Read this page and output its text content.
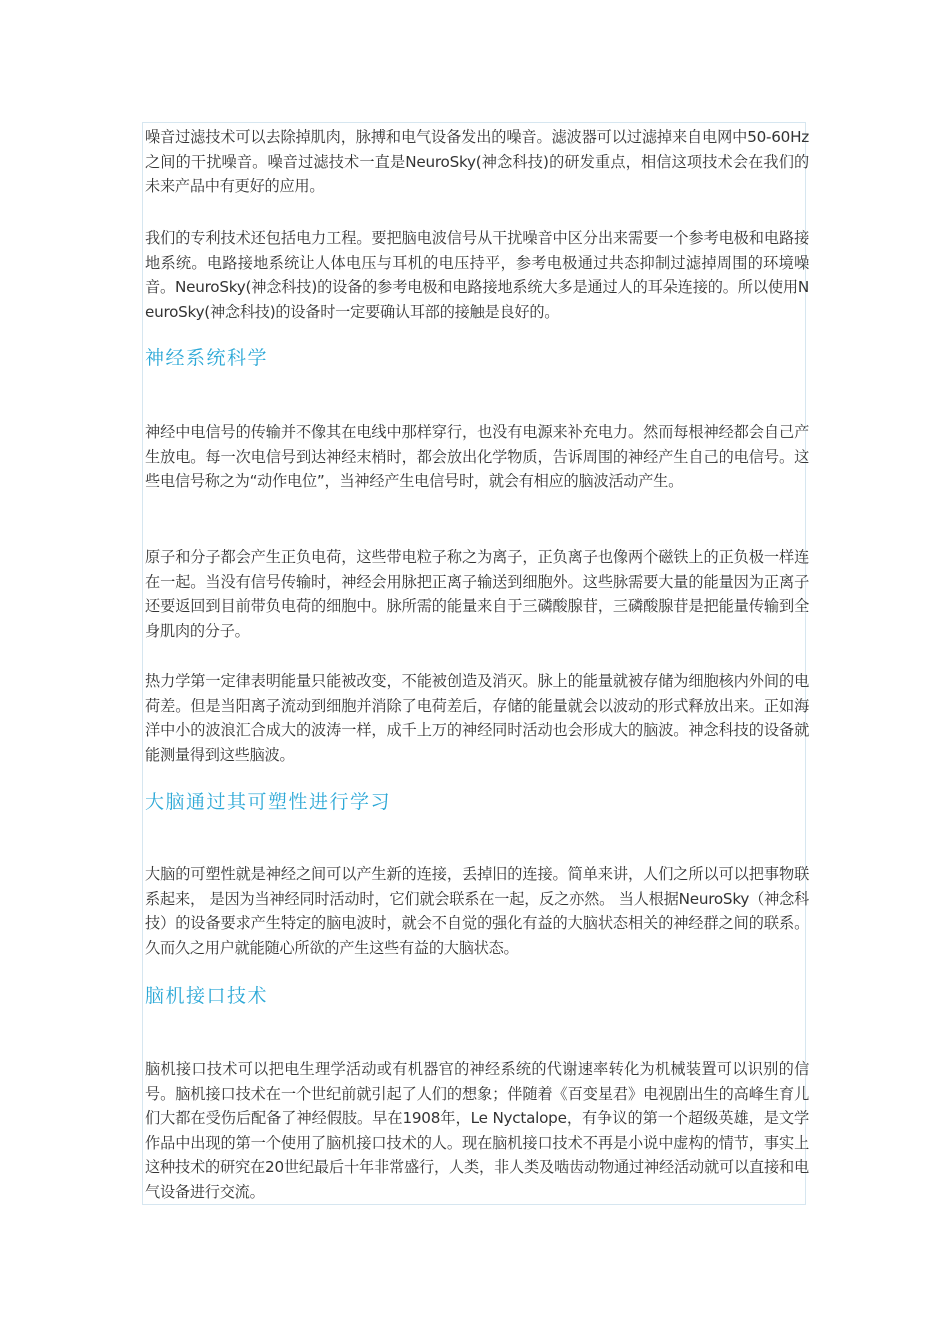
噪音过滤技术可以去除掉肌肉，脉搏和电气设备发出的噪音。滤波器可以过滤掉来自电网中50-60Hz之间的干扰噪音。噪音过滤技术一直是NeuroSky(神念科技)的研发重点，相信这项技术会在我们的未来产品中有更好的应用。

我们的专利技术还包括电力工程。要把脑电波信号从干扰噪音中区分出来需要一个参考电极和电路接地系统。电路接地系统让人体电压与耳机的电压持平，参考电极通过共态抑制过滤掉周围的环境噪音。NeuroSky(神念科技)的设备的参考电极和电路接地系统大多是通过人的耳朵连接的。所以使用NeuroSky(神念科技)的设备时一定要确认耳部的接触是良好的。

神经系统科学

神经中电信号的传输并不像其在电线中那样穿行，也没有电源来补充电力。然而每根神经都会自己产生放电。每一次电信号到达神经末梢时，都会放出化学物质，告诉周围的神经产生自己的电信号。这些电信号称之为“动作电位”，当神经产生电信号时，就会有相应的脑波活动产生。

原子和分子都会产生正负电荷，这些带电粒子称之为离子，正负离子也像两个磁铁上的正负极一样连在一起。当没有信号传输时，神经会用脉把正离子输送到细胞外。这些脉需要大量的能量因为正离子还要返回到目前带负电荷的细胞中。脉所需的能量来自于三磷酸腺苷，三磷酸腺苷是把能量传输到全身肌肉的分子。

热力学第一定律表明能量只能被改变，不能被创造及消灭。脉上的能量就被存储为细胞核内外间的电荷差。但是当阳离子流动到细胞并消除了电荷差后，存储的能量就会以波动的形式释放出来。正如海洋中小的波浪汇合成大的波涛一样，成千上万的神经同时活动也会形成大的脑波。神念科技的设备就能测量得到这些脑波。

大脑通过其可塑性进行学习

大脑的可塑性就是神经之间可以产生新的连接，丢掉旧的连接。简单来讲，人们之所以可以把事物联系起来， 是因为当神经同时活动时，它们就会联系在一起，反之亦然。 当人根据NeuroSky（神念科技）的设备要求产生特定的脑电波时，就会不自觉的强化有益的大脑状态相关的神经群之间的联系。久而久之用户就能随心所欲的产生这些有益的大脑状态。

脑机接口技术

脑机接口技术可以把电生理学活动或有机器官的神经系统的代谢速率转化为机械装置可以识别的信号。脑机接口技术在一个世纪前就引起了人们的想象；伴随着《百变星君》电视剧出生的高峰生育儿们大都在受伤后配备了神经假肢。早在1908年，Le Nyctalope，有争议的第一个超级英雄，是文学作品中出现的第一个使用了脑机接口技术的人。现在脑机接口技术不再是小说中虚构的情节，事实上这种技术的研究在20世纪最后十年非常盛行，人类，非人类及啮齿动物通过神经活动就可以直接和电气设备进行交流。
